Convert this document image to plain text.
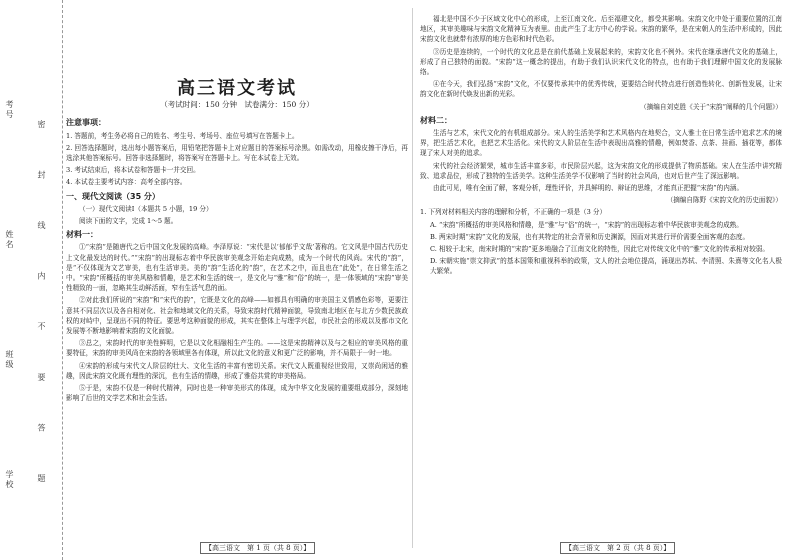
学校
班级
姓名
考号
密 封 线 内 不 要 答 题
高三语文考试
（考试时间：150 分钟　试卷满分：150 分）
注意事项：

1. 答题前，考生务必将自己的姓名、考生号、考场号、座位号填写在答题卡上。

2. 回答选择题时，选出每小题答案后，用铅笔把答题卡上对应题目的答案标号涂黑。如需改动，用橡皮擦干净后，再选涂其他答案标号。回答非选择题时，将答案写在答题卡上。写在本试卷上无效。

3. 考试结束后，将本试卷和答题卡一并交回。

4. 本试卷主要考试内容：高考全部内容。

一、现代文阅读（35 分）

（一）现代文阅读Ⅰ（本题共 5 小题，19 分）

阅读下面的文字，完成 1～5 题。

材料一：

①“宋韵”是随唐代之后中国文化发展的高峰。李泽厚说：“宋代是以‘郁郁乎文哉’著称的。它文风是中国古代历史上文化最发达的时代。”“宋韵”的出现标志着中华民族审美观念开始走向成熟，成为一个时代的风尚。宋代的“韵”，是“不仅体现为文艺审美，也有生活审美。美的“韵”生活化的“韵”，在艺术之中，而且也在“此处”，在日常生活之中。“宋韵”所概括的审美风格和情趣，是艺术和生活的统一，是文化与“雅”和“俗”的统一，是一体领域的“宋韵”审美性精致的一面，忽略其生动鲜活面，窄有生活气息的面。

②对此我们所说的“宋韵”和“宋代的韵”，它既是文化的高峰——如都具有明确的审美国主义情感色彩等，更要注意其不同层次以及各自相对化、社会和地域文化的关系，导致宋韵时代精神面貌，导致南北地区在与北方少数民族政权的对峙中，呈现出不同的特征。要思考这种面貌的形成，其实在整体上与理学兴起，市民社会的形成以及都市文化发展等不断地影响着宋韵的文化面貌。

③总之，宋韵时代的审美性鲜明，它是以文化相融相生产生的。——这是宋韵精神以及与之相应的审美风格的重要特征，宋韵的审美风尚在宋韵的各领域里各有体现，所以此文化的意义和更广泛的影响，并不局限于一时一地。

④宋韵的形成与宋代文人阶层的壮大、文化生活的丰富有密切关系。宋代文人既重视经世致用，又崇尚闲适的雅趣，因此宋韵文化既有理性的深沉，也有生活的情趣，形成了雅俗共赏的审美格局。

⑤于是，宋韵不仅是一种时代精神，同时也是一种审美形式的体现，成为中华文化发展的重要组成部分，深刻地影响了后世的文学艺术和社会生活。

福北是中国不少于区域文化中心的形成，上至江南文化、后至福建文化，都受其影响。宋韵文化中处于重要位置的江南地区，其审美趣味与宋韵文化精神互为表里。由此产生了北方中心的学说。宋韵的繁华，是在宋朝人的生活中形成的，因此宋韵文化也就带有浓厚的地方色彩和时代色彩。

③历史是连续的，一个时代的文化总是在前代基础上发展起来的，宋韵文化也不例外。宋代在继承唐代文化的基础上，形成了自己独特的面貌。“宋韵”这一概念的提出，有助于我们认识宋代文化的特点，也有助于我们理解中国文化的发展脉络。

④在今天，我们弘扬“宋韵”文化，不仅要传承其中的优秀传统，更要结合时代特点进行创造性转化、创新性发展，让宋韵文化在新时代焕发出新的光彩。

（摘编自刘克胜《关于“宋韵”阐释的几个问题》）
材料二：

生活与艺术，宋代文化的有机组成部分。宋人的生活美学和艺术风格内在地契合，文人雅士在日常生活中追求艺术的境界，把生活艺术化，也把艺术生活化。宋代的文人阶层在生活中表现出高雅的情趣，例如焚香、点茶、挂画、插花等，都体现了宋人对美的追求。

宋代的社会经济繁荣，城市生活丰富多彩，市民阶层兴起，这为宋韵文化的形成提供了物质基础。宋人在生活中讲究精致、追求品位，形成了独特的生活美学。这种生活美学不仅影响了当时的社会风尚，也对后世产生了深远影响。

由此可见，唯有全面了解，客观分析，理性评价，并具鲜明的、辩证的思维，才能真正把握“宋韵”的内涵。

（摘编自陈野《宋韵文化的历史面貌》）

1. 下列对材料相关内容的理解和分析，不正确的一项是（3 分）

A. “宋韵”所概括的审美风格和情趣，是“雅”与“俗”的统一，“宋韵”的出现标志着中华民族审美观念的成熟。

B. 两宋时期“宋韵”文化的发展，也有其特定的社会背景和历史渊源，因而对其进行评价需要全面客观的态度。

C. 相较于北宋，南宋时期的“宋韵”更多地融合了江南文化的特性，因此它对传统文化中的“雅”文化的传承相对较弱。

D. 宋朝实施“崇文抑武”的基本国策和重视科举的政策，文人的社会地位提高，涌现出苏轼、李清照、朱熹等文化名人极大繁荣。

【高三语文　第 1 页（共 8 页）】	【高三语文　第 2 页（共 8 页）】
